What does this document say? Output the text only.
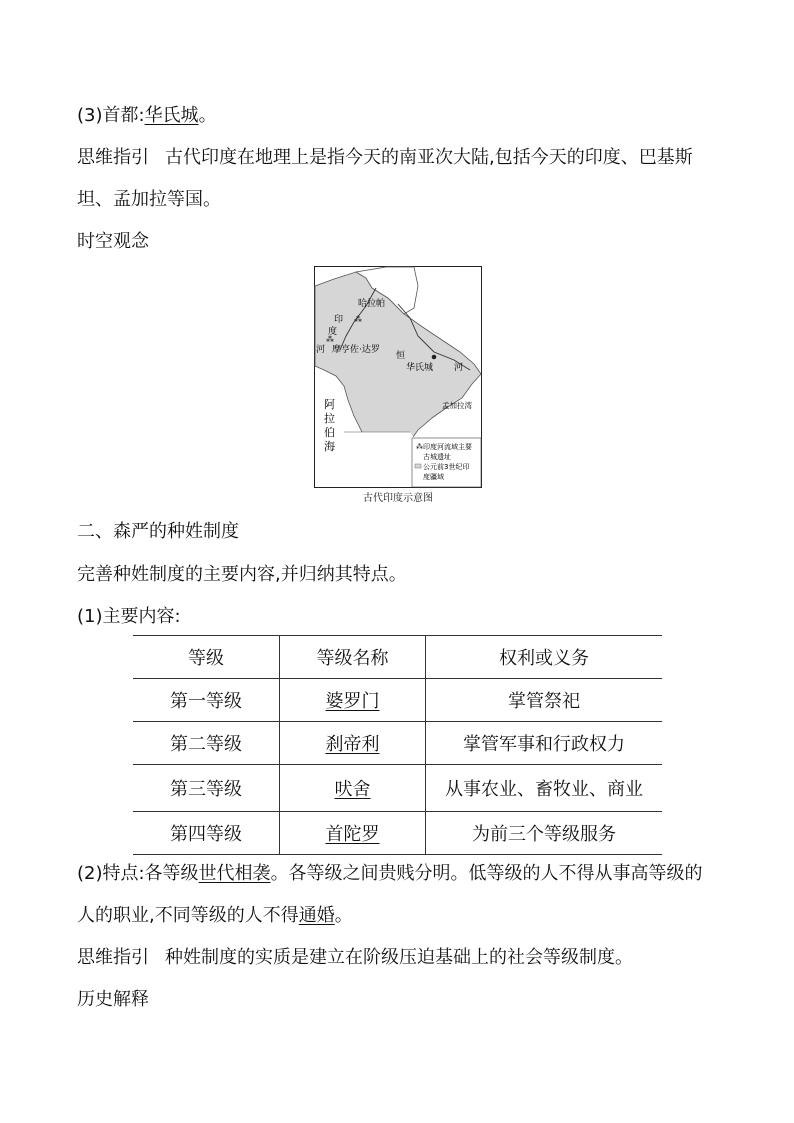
(3)首都:华氏城。
思维指引 古代印度在地理上是指今天的南亚次大陆,包括今天的印度、巴基斯
坦、孟加拉等国。
时空观念
⁂ 印度河流域主要
古城遗址
公元前3世纪印
度疆域
⁂
⁂
哈拉帕
印
度
河 摩亨佐·达罗
恒
华氏城 河
孟加拉湾
阿
拉
伯
海
古代印度示意图
二、森严的种姓制度
完善种姓制度的主要内容,并归纳其特点。
(1)主要内容:
等级	等级名称	权利或义务
第一等级	婆罗门	掌管祭祀
第二等级	刹帝利	掌管军事和行政权力
第三等级	吠舍	从事农业、畜牧业、商业
第四等级	首陀罗	为前三个等级服务
(2)特点:各等级世代相袭。各等级之间贵贱分明。低等级的人不得从事高等级的
人的职业,不同等级的人不得通婚。
思维指引 种姓制度的实质是建立在阶级压迫基础上的社会等级制度。
历史解释
